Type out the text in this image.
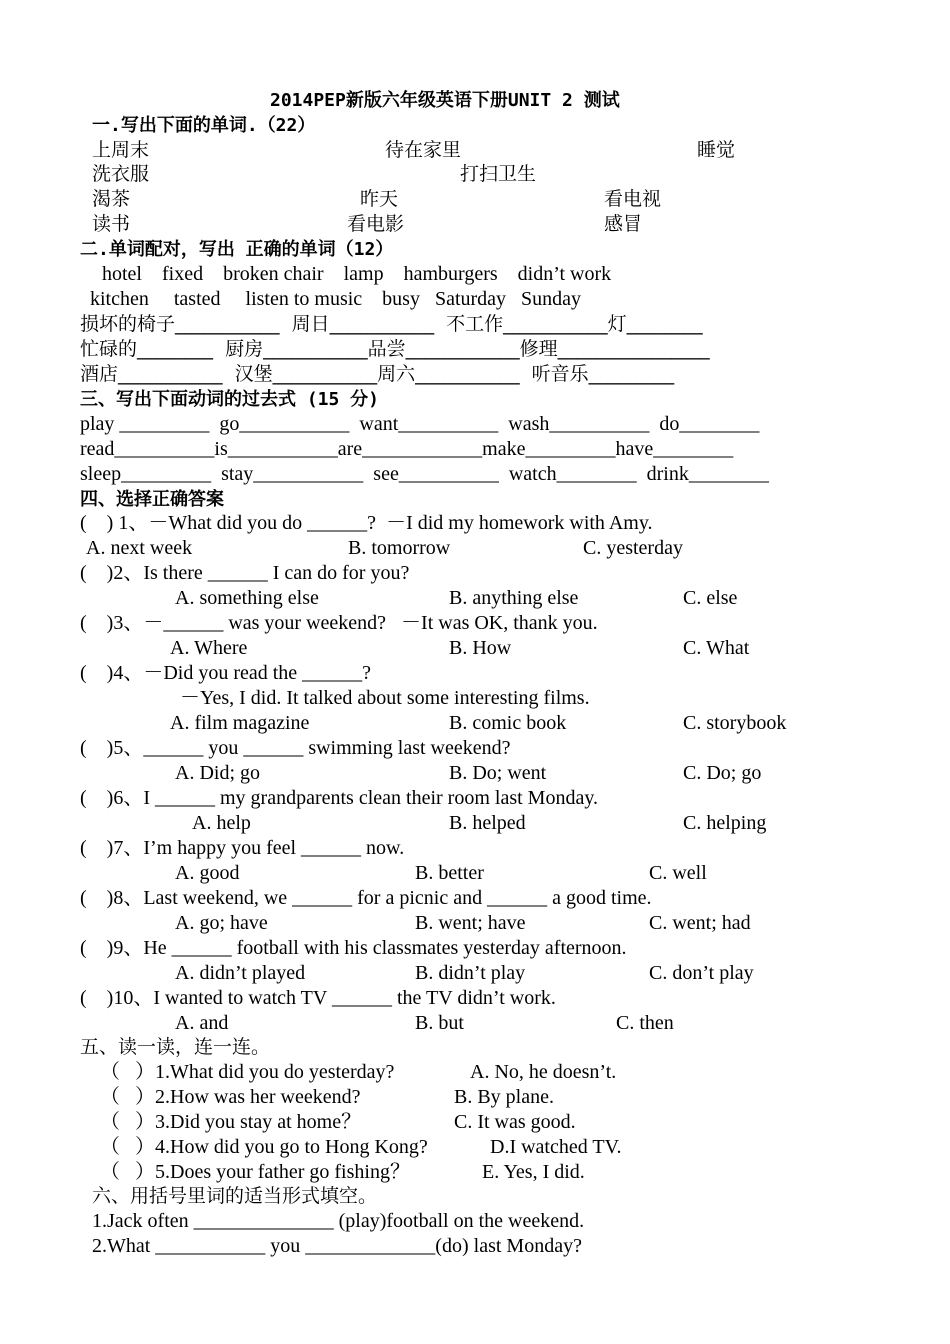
2014PEP新版六年级英语下册UNIT 2 测试
一.写出下面的单词.（22）
上周末	待在家里	睡觉
洗衣服	打扫卫生
渴茶	昨天	看电视
读书	看电影	感冒
二.单词配对，写出 正确的单词（12）
hotel    fixed    broken chair    lamp    hamburgers    didn’t work
kitchen     tasted     listen to music    busy   Saturday   Sunday
损坏的椅子___________  周日___________  不工作___________灯________
忙碌的________  厨房___________品尝____________修理________________
酒店___________  汉堡___________周六___________  听音乐_________
三、写出下面动词的过去式 (15 分)
play _________  go___________  want__________  wash__________  do________
read__________is___________are____________make_________have________
sleep_________  stay___________  see__________  watch________  drink________
四、选择正确答案
(    ) 1、－What did you do ______?  －I did my homework with Amy.
A. next week	B. tomorrow	C. yesterday
(    )2、Is there ______ I can do for you?
A. something else	B. anything else	C. else
(    )3、－______ was your weekend?   －It was OK, thank you.
A. Where	B. How	C. What
(    )4、－Did you read the ______?
－Yes, I did. It talked about some interesting films.
A. film magazine	B. comic book	C. storybook
(    )5、______ you ______ swimming last weekend?
A. Did; go	B. Do; went	C. Do; go
(    )6、I ______ my grandparents clean their room last Monday.
A. help	B. helped	C. helping
(    )7、I’m happy you feel ______ now.
A. good	B. better	C. well
(    )8、Last weekend, we ______ for a picnic and ______ a good time.
A. go; have	B. went; have	C. went; had
(    )9、He ______ football with his classmates yesterday afternoon.
A. didn’t played	B. didn’t play	C. don’t play
(    )10、I wanted to watch TV ______ the TV didn’t work.
A. and	B. but	C. then
五、读一读，连一连。
（   ）1.What did you do yesterday?	A. No, he doesn’t.
（   ）2.How was her weekend?	B. By plane.
（   ）3.Did you stay at home？	C. It was good.
（   ）4.How did you go to Hong Kong?	D.I watched TV.
（   ）5.Does your father go fishing？	E. Yes, I did.
六、用括号里词的适当形式填空。
1.Jack often ______________ (play)football on the weekend.
2.What ___________ you _____________(do) last Monday?
